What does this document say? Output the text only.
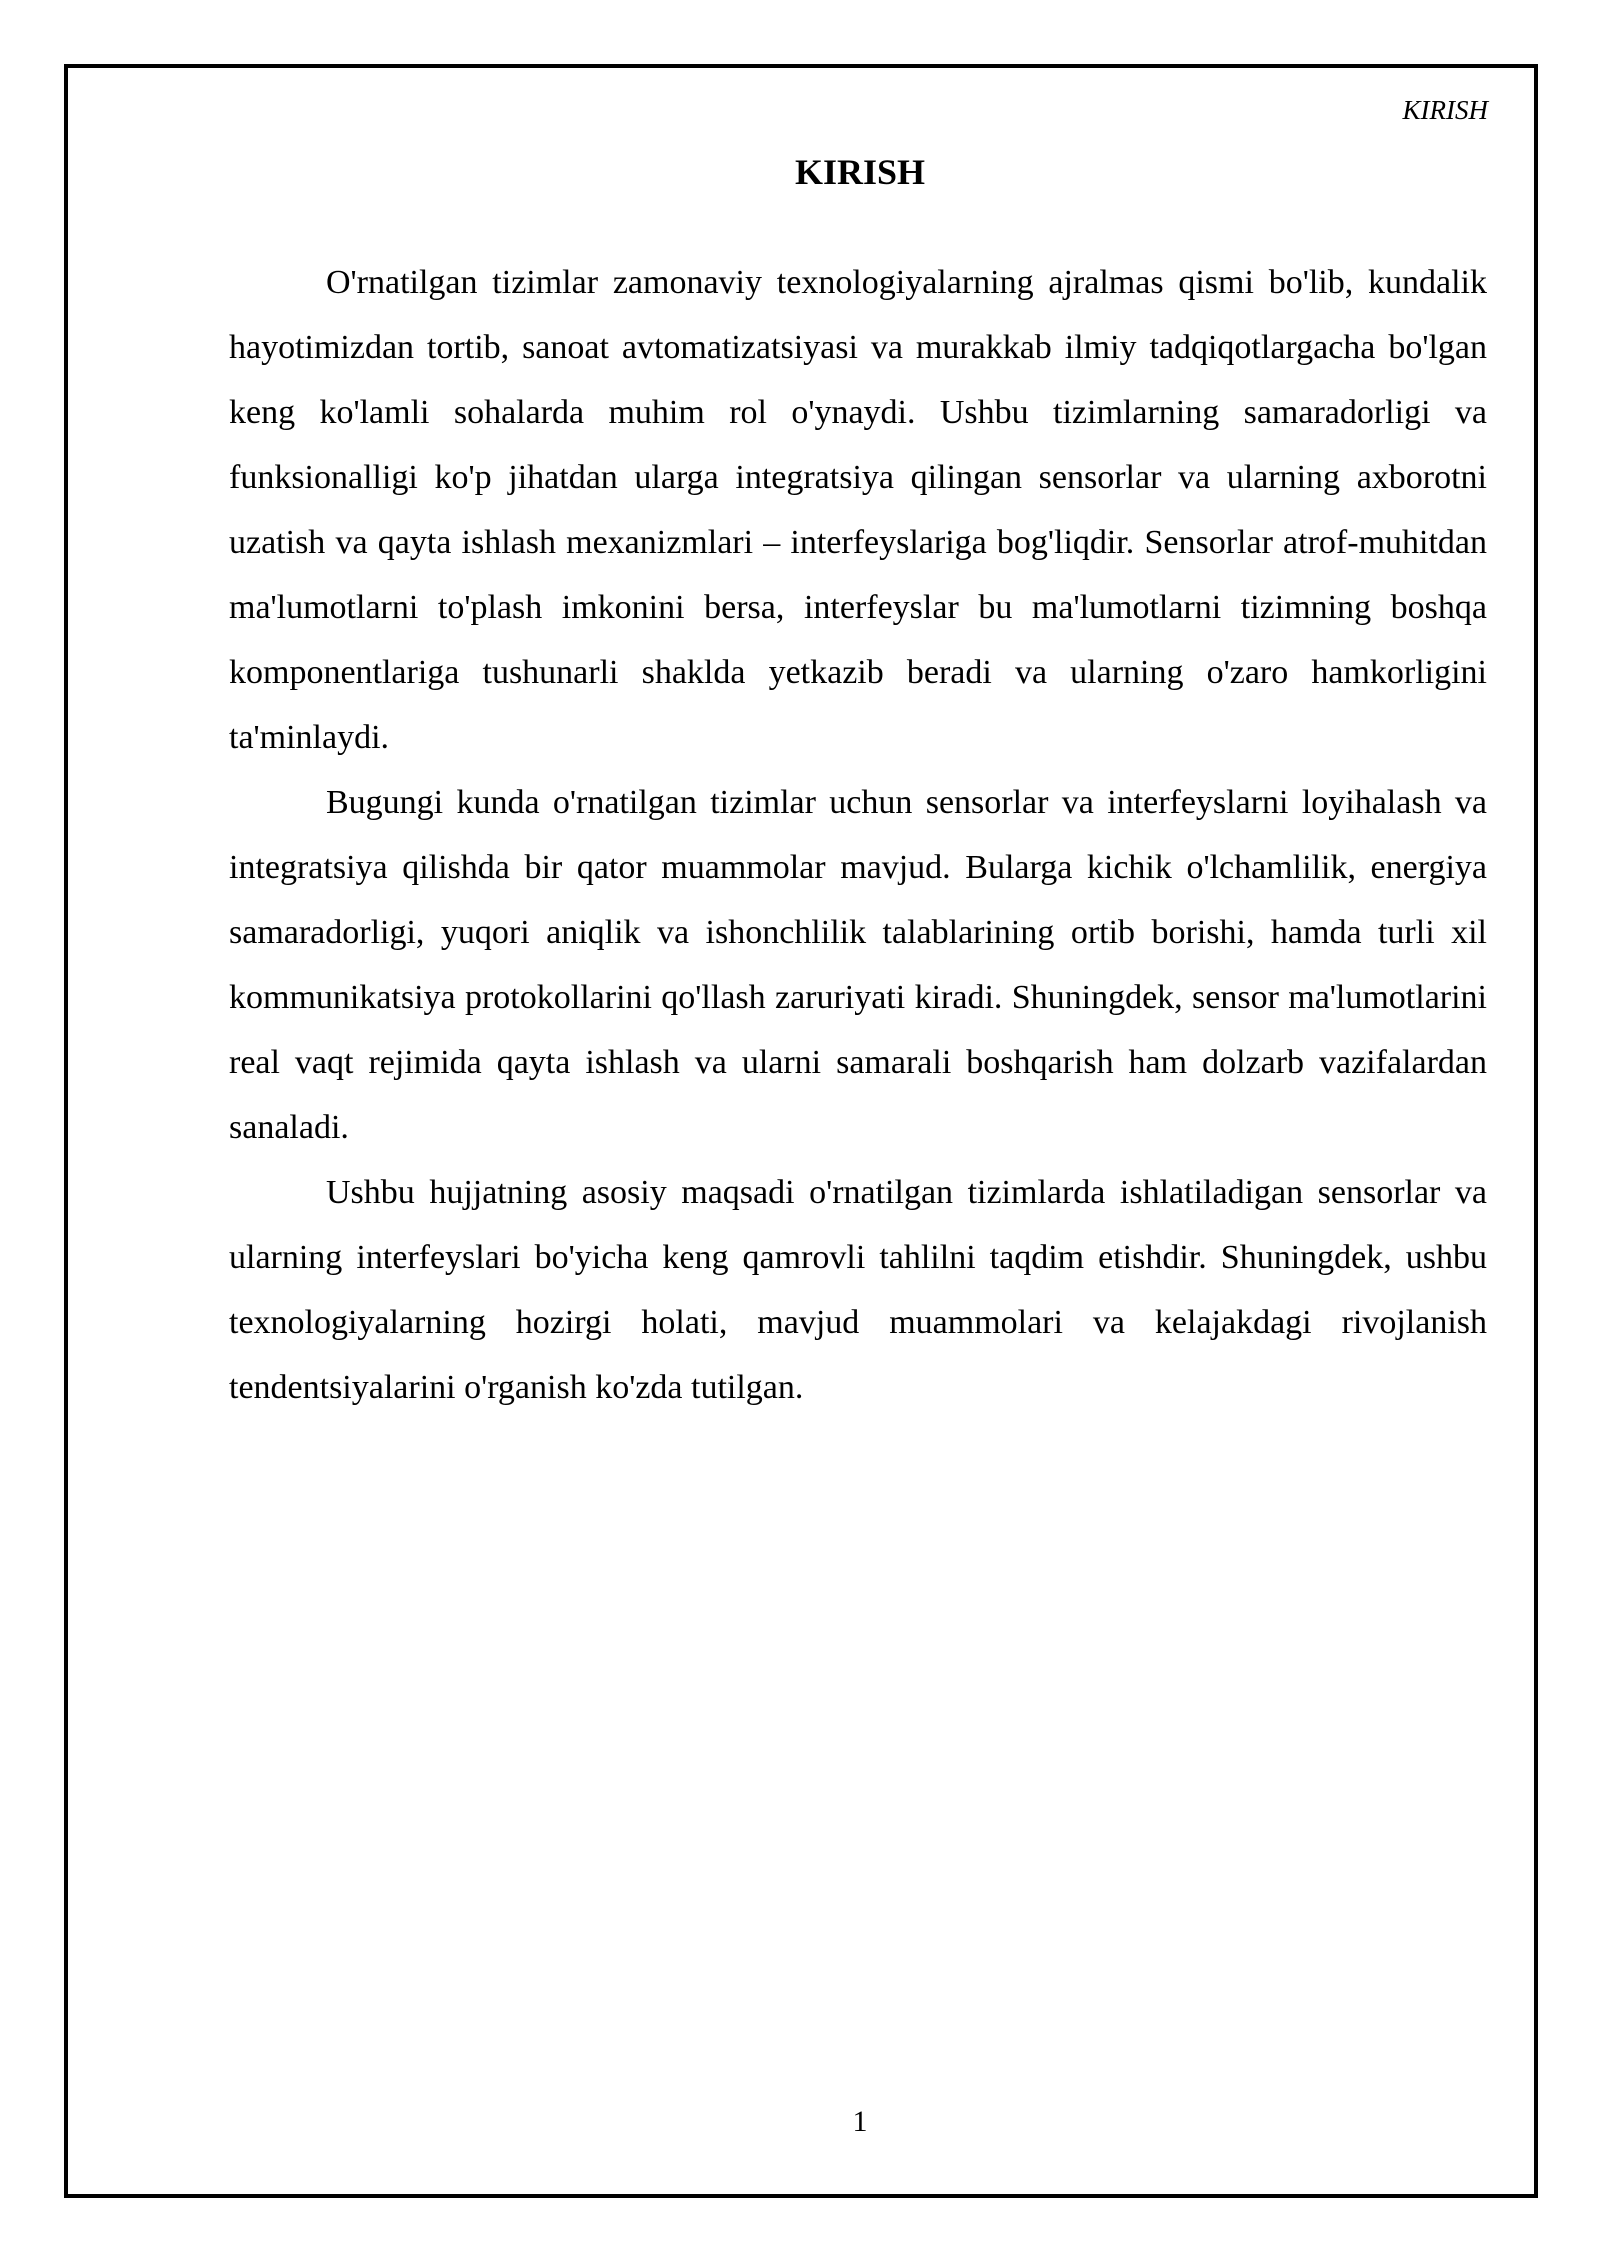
KIRISH
KIRISH

O'rnatilgan tizimlar zamonaviy texnologiyalarning ajralmas qismi bo'lib, kundalik hayotimizdan tortib, sanoat avtomatizatsiyasi va murakkab ilmiy tadqiqotlargacha bo'lgan keng ko'lamli sohalarda muhim rol o'ynaydi. Ushbu tizimlarning samaradorligi va funksionalligi ko'p jihatdan ularga integratsiya qilingan sensorlar va ularning axborotni uzatish va qayta ishlash mexanizmlari – interfeyslariga bog'liqdir. Sensorlar atrof-muhitdan ma'lumotlarni to'plash imkonini bersa, interfeyslar bu ma'lumotlarni tizimning boshqa komponentlariga tushunarli shaklda yetkazib beradi va ularning o'zaro hamkorligini ta'minlaydi.

Bugungi kunda o'rnatilgan tizimlar uchun sensorlar va interfeyslarni loyihalash va integratsiya qilishda bir qator muammolar mavjud. Bularga kichik o'lchamlilik, energiya samaradorligi, yuqori aniqlik va ishonchlilik talablarining ortib borishi, hamda turli xil kommunikatsiya protokollarini qo'llash zaruriyati kiradi. Shuningdek, sensor ma'lumotlarini real vaqt rejimida qayta ishlash va ularni samarali boshqarish ham dolzarb vazifalardan sanaladi.

Ushbu hujjatning asosiy maqsadi o'rnatilgan tizimlarda ishlatiladigan sensorlar va ularning interfeyslari bo'yicha keng qamrovli tahlilni taqdim etishdir. Shuningdek, ushbu texnologiyalarning hozirgi holati, mavjud muammolari va kelajakdagi rivojlanish tendentsiyalarini o'rganish ko'zda tutilgan.

1
